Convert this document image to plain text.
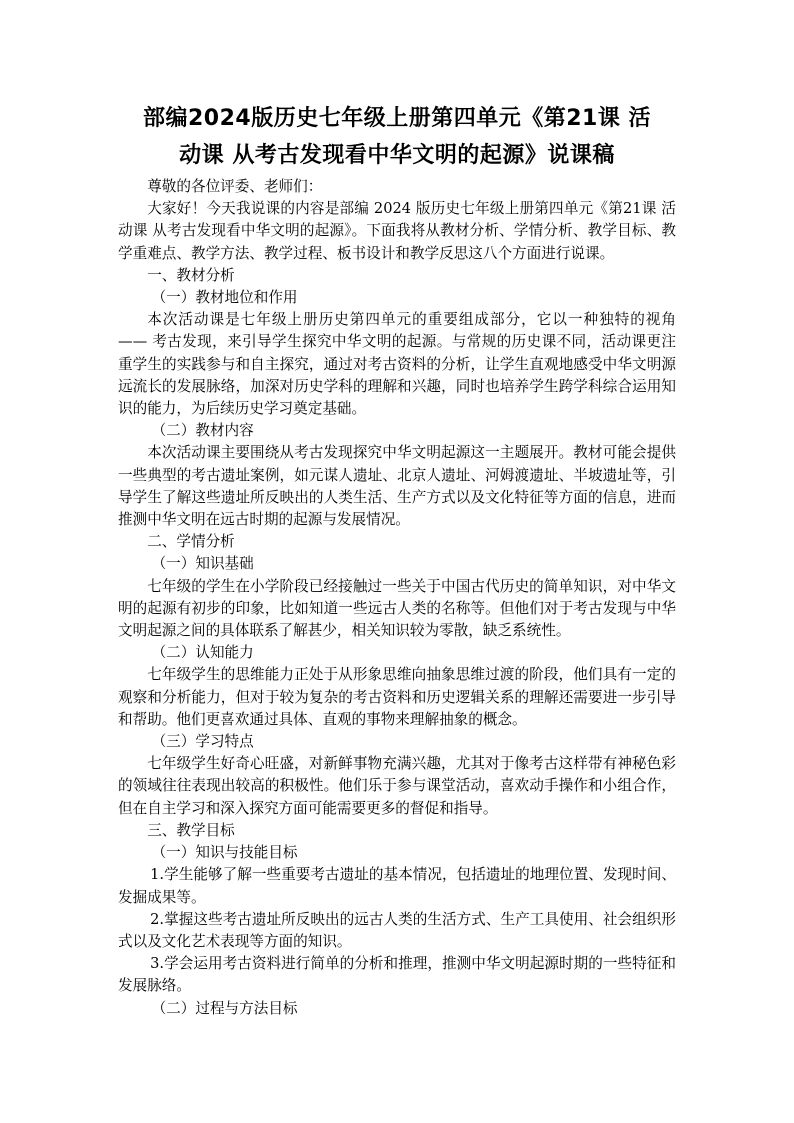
部编2024版历史七年级上册第四单元《第21课 活
动课 从考古发现看中华文明的起源》说课稿

尊敬的各位评委、老师们：

大家好！今天我说课的内容是部编 2024 版历史七年级上册第四单元《第21课 活动课 从考古发现看中华文明的起源》。下面我将从教材分析、学情分析、教学目标、教学重难点、教学方法、教学过程、板书设计和教学反思这八个方面进行说课。

一、教材分析

（一）教材地位和作用

本次活动课是七年级上册历史第四单元的重要组成部分，它以一种独特的视角 —— 考古发现，来引导学生探究中华文明的起源。与常规的历史课不同，活动课更注重学生的实践参与和自主探究，通过对考古资料的分析，让学生直观地感受中华文明源远流长的发展脉络，加深对历史学科的理解和兴趣，同时也培养学生跨学科综合运用知识的能力，为后续历史学习奠定基础。

（二）教材内容

本次活动课主要围绕从考古发现探究中华文明起源这一主题展开。教材可能会提供一些典型的考古遗址案例，如元谋人遗址、北京人遗址、河姆渡遗址、半坡遗址等，引导学生了解这些遗址所反映出的人类生活、生产方式以及文化特征等方面的信息，进而推测中华文明在远古时期的起源与发展情况。

二、学情分析

（一）知识基础

七年级的学生在小学阶段已经接触过一些关于中国古代历史的简单知识，对中华文明的起源有初步的印象，比如知道一些远古人类的名称等。但他们对于考古发现与中华文明起源之间的具体联系了解甚少，相关知识较为零散，缺乏系统性。

（二）认知能力

七年级学生的思维能力正处于从形象思维向抽象思维过渡的阶段，他们具有一定的观察和分析能力，但对于较为复杂的考古资料和历史逻辑关系的理解还需要进一步引导和帮助。他们更喜欢通过具体、直观的事物来理解抽象的概念。

（三）学习特点

七年级学生好奇心旺盛，对新鲜事物充满兴趣，尤其对于像考古这样带有神秘色彩的领域往往表现出较高的积极性。他们乐于参与课堂活动，喜欢动手操作和小组合作，但在自主学习和深入探究方面可能需要更多的督促和指导。

三、教学目标

（一）知识与技能目标

1.学生能够了解一些重要考古遗址的基本情况，包括遗址的地理位置、发现时间、发掘成果等。

2.掌握这些考古遗址所反映出的远古人类的生活方式、生产工具使用、社会组织形式以及文化艺术表现等方面的知识。

3.学会运用考古资料进行简单的分析和推理，推测中华文明起源时期的一些特征和发展脉络。

（二）过程与方法目标
